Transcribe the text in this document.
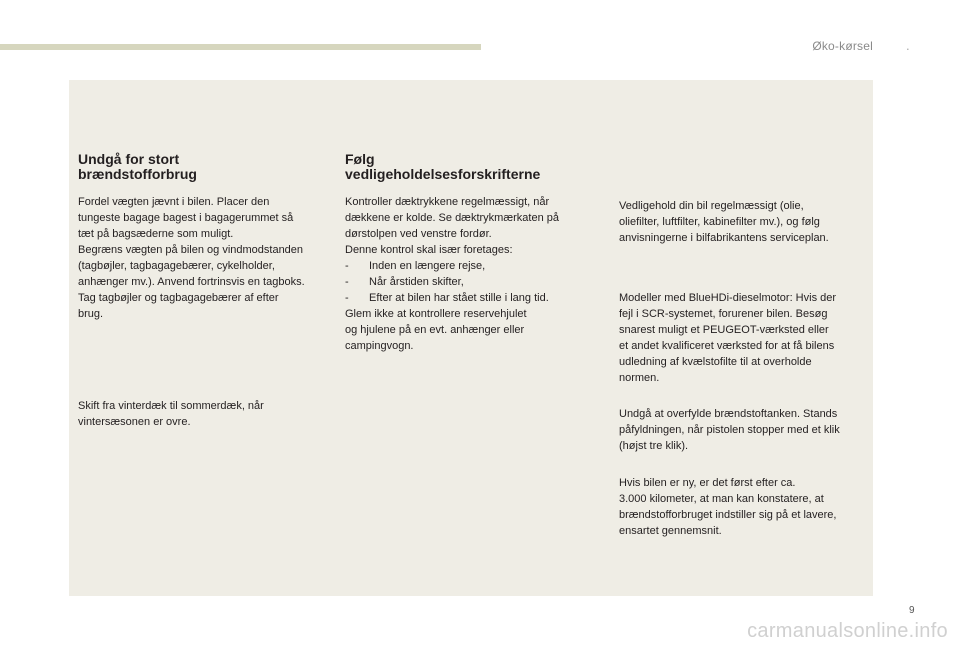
Øko-kørsel	.
Undgå for stort
brændstofforbrug

Fordel vægten jævnt i bilen. Placer den
tungeste bagage bagest i bagagerummet så
tæt på bagsæderne som muligt.
Begræns vægten på bilen og vindmodstanden
(tagbøjler, tagbagagebærer, cykelholder,
anhænger mv.). Anvend fortrinsvis en tagboks.
Tag tagbøjler og tagbagagebærer af efter
brug.

Skift fra vinterdæk til sommerdæk, når
vintersæsonen er ovre.
Følg
vedligeholdelsesforskrifterne

Kontroller dæktrykkene regelmæssigt, når
dækkene er kolde. Se dæktrykmærkaten på
dørstolpen ved venstre fordør.
Denne kontrol skal især foretages:
- Inden en længere rejse,
- Når årstiden skifter,
- Efter at bilen har stået stille i lang tid.
Glem ikke at kontrollere reservehjulet
og hjulene på en evt. anhænger eller
campingvogn.

Vedligehold din bil regelmæssigt (olie,
oliefilter, luftfilter, kabinefilter mv.), og følg
anvisningerne i bilfabrikantens serviceplan.
Modeller med BlueHDi-dieselmotor: Hvis der
fejl i SCR-systemet, forurener bilen. Besøg
snarest muligt et PEUGEOT-værksted eller
et andet kvalificeret værksted for at få bilens
udledning af kvælstofilte til at overholde
normen.
Undgå at overfylde brændstoftanken. Stands
påfyldningen, når pistolen stopper med et klik
(højst tre klik).
Hvis bilen er ny, er det først efter ca.
3.000 kilometer, at man kan konstatere, at
brændstofforbruget indstiller sig på et lavere,
ensartet gennemsnit.
9
carmanualsonline.info
